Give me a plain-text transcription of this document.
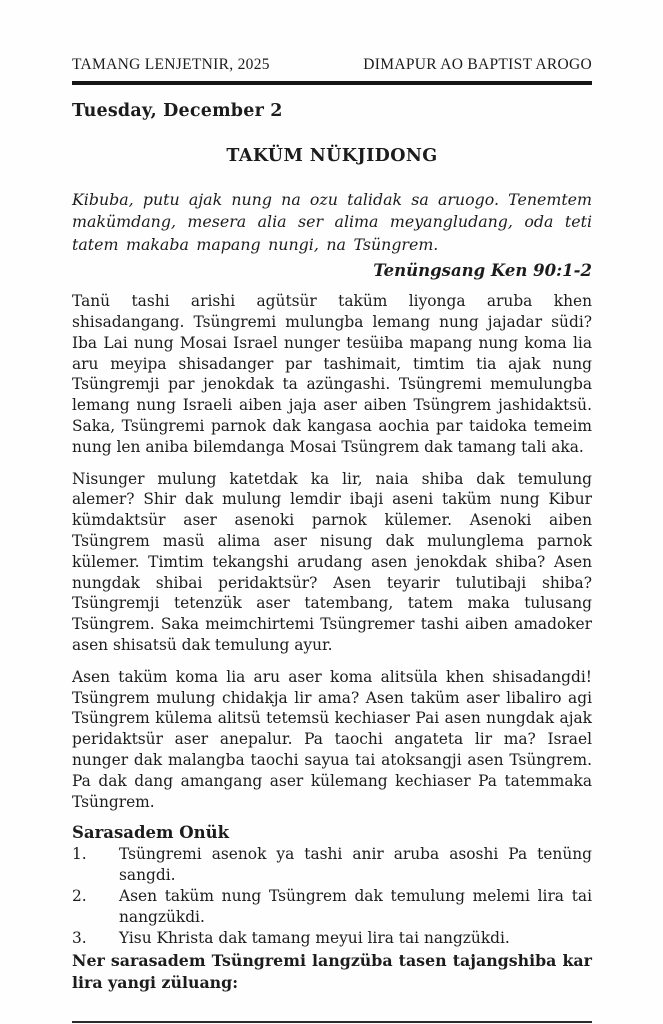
TAMANG LENJETNIR, 2025	DIMAPUR AO BAPTIST AROGO
Tuesday, December 2
TAKÜM NÜKJIDONG

Kibuba, putu ajak nung na ozu talidak sa aruogo. Tenemtem makümdang, mesera alia ser alima meyangludang, oda teti tatem makaba mapang nungi, na Tsüngrem.

Tenüngsang Ken 90:1-2

Tanü tashi arishi agütsür taküm liyonga aruba khen shisadangang. Tsüngremi mulungba lemang nung jajadar südi? Iba Lai nung Mosai Israel nunger tesüiba mapang nung koma lia aru meyipa shisadanger par tashimait, timtim tia ajak nung Tsüngremji par jenokdak ta azüngashi. Tsüngremi memulungba lemang nung Israeli aiben jaja aser aiben Tsüngrem jashidaktsü. Saka, Tsüngremi parnok dak kangasa aochia par taidoka temeim nung len aniba bilemdanga Mosai Tsüngrem dak tamang tali aka.

Nisunger mulung katetdak ka lir, naia shiba dak temulung alemer? Shir dak mulung lemdir ibaji aseni taküm nung Kibur kümdaktsür aser asenoki parnok külemer. Asenoki aiben Tsüngrem masü alima aser nisung dak mulunglema parnok külemer. Timtim tekangshi arudang asen jenokdak shiba? Asen nungdak shibai peridaktsür? Asen teyarir tulutibaji shiba? Tsüngremji tetenzük aser tatembang, tatem maka tulusang Tsüngrem. Saka meimchirtemi Tsüngremer tashi aiben amadoker asen shisatsü dak temulung ayur.

Asen taküm koma lia aru aser koma alitsüla khen shisadangdi! Tsüngrem mulung chidakja lir ama? Asen taküm aser libaliro agi Tsüngrem külema alitsü tetemsü kechiaser Pai asen nungdak ajak peridaktsür aser anepalur. Pa taochi angateta lir ma? Israel nunger dak malangba taochi sayua tai atoksangji asen Tsüngrem. Pa dak dang amangang aser külemang kechiaser Pa tatemmaka Tsüngrem.

Sarasadem Onük
1.	Tsüngremi asenok ya tashi anir aruba asoshi Pa tenüng sangdi.
2.	Asen taküm nung Tsüngrem dak temulung melemi lira tai nangzükdi.
3.	Yisu Khrista dak tamang meyui lira tai nangzükdi.

Ner sarasadem Tsüngremi langzüba tasen tajangshiba kar lira yangi züluang:
